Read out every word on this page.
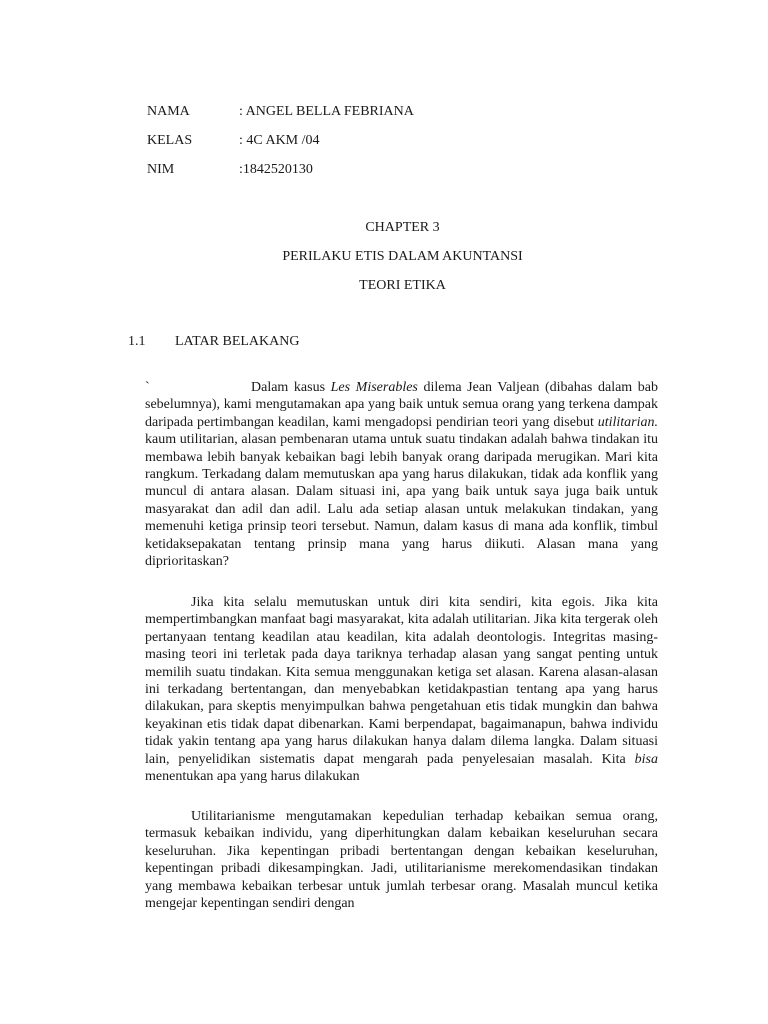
NAMA	: ANGEL BELLA FEBRIANA
KELAS	: 4C AKM /04
NIM	:1842520130
CHAPTER 3
PERILAKU ETIS DALAM AKUNTANSI
TEORI ETIKA
1.1 LATAR BELAKANG

`	Dalam kasus Les Miserables dilema Jean Valjean (dibahas dalam bab sebelumnya), kami mengutamakan apa yang baik untuk semua orang yang terkena dampak daripada pertimbangan keadilan, kami mengadopsi pendirian teori yang disebut utilitarian. kaum utilitarian, alasan pembenaran utama untuk suatu tindakan adalah bahwa tindakan itu membawa lebih banyak kebaikan bagi lebih banyak orang daripada merugikan. Mari kita rangkum. Terkadang dalam memutuskan apa yang harus dilakukan, tidak ada konflik yang muncul di antara alasan. Dalam situasi ini, apa yang baik untuk saya juga baik untuk masyarakat dan adil dan adil. Lalu ada setiap alasan untuk melakukan tindakan, yang memenuhi ketiga prinsip teori tersebut. Namun, dalam kasus di mana ada konflik, timbul ketidaksepakatan tentang prinsip mana yang harus diikuti. Alasan mana yang diprioritaskan?

Jika kita selalu memutuskan untuk diri kita sendiri, kita egois. Jika kita mempertimbangkan manfaat bagi masyarakat, kita adalah utilitarian. Jika kita tergerak oleh pertanyaan tentang keadilan atau keadilan, kita adalah deontologis. Integritas masing-masing teori ini terletak pada daya tariknya terhadap alasan yang sangat penting untuk memilih suatu tindakan. Kita semua menggunakan ketiga set alasan. Karena alasan-alasan ini terkadang bertentangan, dan menyebabkan ketidakpastian tentang apa yang harus dilakukan, para skeptis menyimpulkan bahwa pengetahuan etis tidak mungkin dan bahwa keyakinan etis tidak dapat dibenarkan. Kami berpendapat, bagaimanapun, bahwa individu tidak yakin tentang apa yang harus dilakukan hanya dalam dilema langka. Dalam situasi lain, penyelidikan sistematis dapat mengarah pada penyelesaian masalah. Kita bisa menentukan apa yang harus dilakukan

Utilitarianisme mengutamakan kepedulian terhadap kebaikan semua orang, termasuk kebaikan individu, yang diperhitungkan dalam kebaikan keseluruhan secara keseluruhan. Jika kepentingan pribadi bertentangan dengan kebaikan keseluruhan, kepentingan pribadi dikesampingkan. Jadi, utilitarianisme merekomendasikan tindakan yang membawa kebaikan terbesar untuk jumlah terbesar orang. Masalah muncul ketika mengejar kepentingan sendiri dengan
